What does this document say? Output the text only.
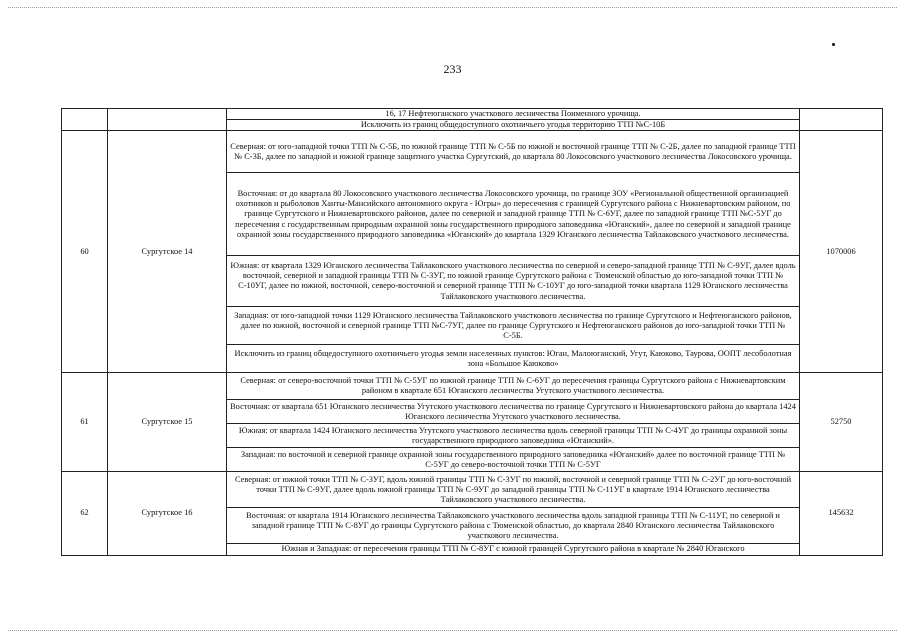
233
		16, 17 Нефтеюганского участкового лесничества Поименного урочища.	
		Исключить из границ общедоступного охотничьего угодья территорию ТТП №С-10Б	
60	Сургутское 14	Северная: от юго-западной точки ТТП № С-5Б, по южной границе ТТП № С-5Б по южной и восточной границе ТТП № С-2Б, далее по западной границе ТТП № С-3Б, далее по западной и южной границе защитного участка Сургутский, до квартала 80 Локосовского участкового лесничества Локосовского урочища.	1070006
		Восточная: от до квартала 80 Локосовского участкового лесничества Локосовского урочища, по границе ЗОУ «Региональной общественной организацией охотников и рыболовов Ханты-Мансийского автономного округа - Югры» до пересечения с границей Сургутского района с Нижневартовским районом, по границе Сургутского и Нижневартовского районов, далее по северной и западной границе ТТП № С-6УГ, далее по западной границе ТТП №С-5УГ до пересечения с государственным природным охранной зоны государственного природного заповедника «Юганский», далее по северной и западной границе охранной зоны государственного природного заповедника «Юганский» до квартала 1329 Юганского лесничества Тайлаковского участкового лесничества.	
		Южная: от квартала 1329 Юганского лесничества Тайлаковского участкового лесничества по северной и северо-западной границе ТТП № С-9УГ, далее вдоль восточной, северной и западной границы ТТП № С-3УГ, по южной границе Сургутского района с Тюменской областью до юго-западной точки ТТП № С-10УГ, далее по южной, восточной, северо-восточной и северной границе ТТП № С-10УГ до юго-западной точки квартала 1129 Юганского лесничества Тайлаковского участкового лесничества.	
		Западная: от юго-западной точки 1129 Юганского лесничества Тайлаковского участкового лесничества по границе Сургутского и Нефтеюганского районов, далее по южной, восточной и северной границе ТТП №С-7УГ, далее по границе Сургутского и Нефтеюганского районов до юго-западной точки ТТП № С-5Б.	
		Исключить из границ общедоступного охотничьего угодья земли населенных пунктов: Юган, Малоюганский, Угут, Каюково, Таурова, ООПТ лесоболотная зона «Большое Каюково»	
61	Сургутское 15	Северная: от северо-восточной точки ТТП № С-5УГ по южной границе ТТП № С-6УГ до пересечения границы Сургутского района с Нижневартовским районом в квартале 651 Юганского лесничества Угутского участкового лесничества.	52750
		Восточная: от квартала 651 Юганского лесничества Угутского участкового лесничества по границе Сургутского и Нижневартовского района до квартала 1424 Юганского лесничества Угутского участкового лесничества.	
		Южная: от квартала 1424 Юганского лесничества Угутского участкового лесничества вдоль северной границы ТТП № С-4УГ до границы охранной зоны государственного природного заповедника «Юганский».	
		Западная: по восточной и северной границе охранной зоны государственного природного заповедника «Юганский» далее по восточной границе ТТП № С-5УГ до северо-восточной точки ТТП № С-5УГ	
62	Сургутское 16	Северная: от южной точки ТТП № С-3УГ, вдоль южной границы ТТП № С-3УГ по южной, восточной и северной границе ТТП № С-2УГ до юго-восточной точки ТТП № С-9УГ, далее вдоль южной границы ТТП № С-9УГ до западной границы ТТП № С-11УГ в квартале 1914 Юганского лесничества Тайлаковского участкового лесничества.	145632
		Восточная: от квартала 1914 Юганского лесничества Тайлаковского участкового лесничества вдоль западной границы ТТП № С-11УГ, по северной и западной границе ТТП № С-8УГ до границы Сургутского района с Тюменской областью, до квартала 2840 Юганского лесничества Тайлаковского участкового лесничества.	
		Южная и Западная: от пересечения границы ТТП № С-8УГ с южной границей Сургутского района в квартале № 2840 Юганского	
